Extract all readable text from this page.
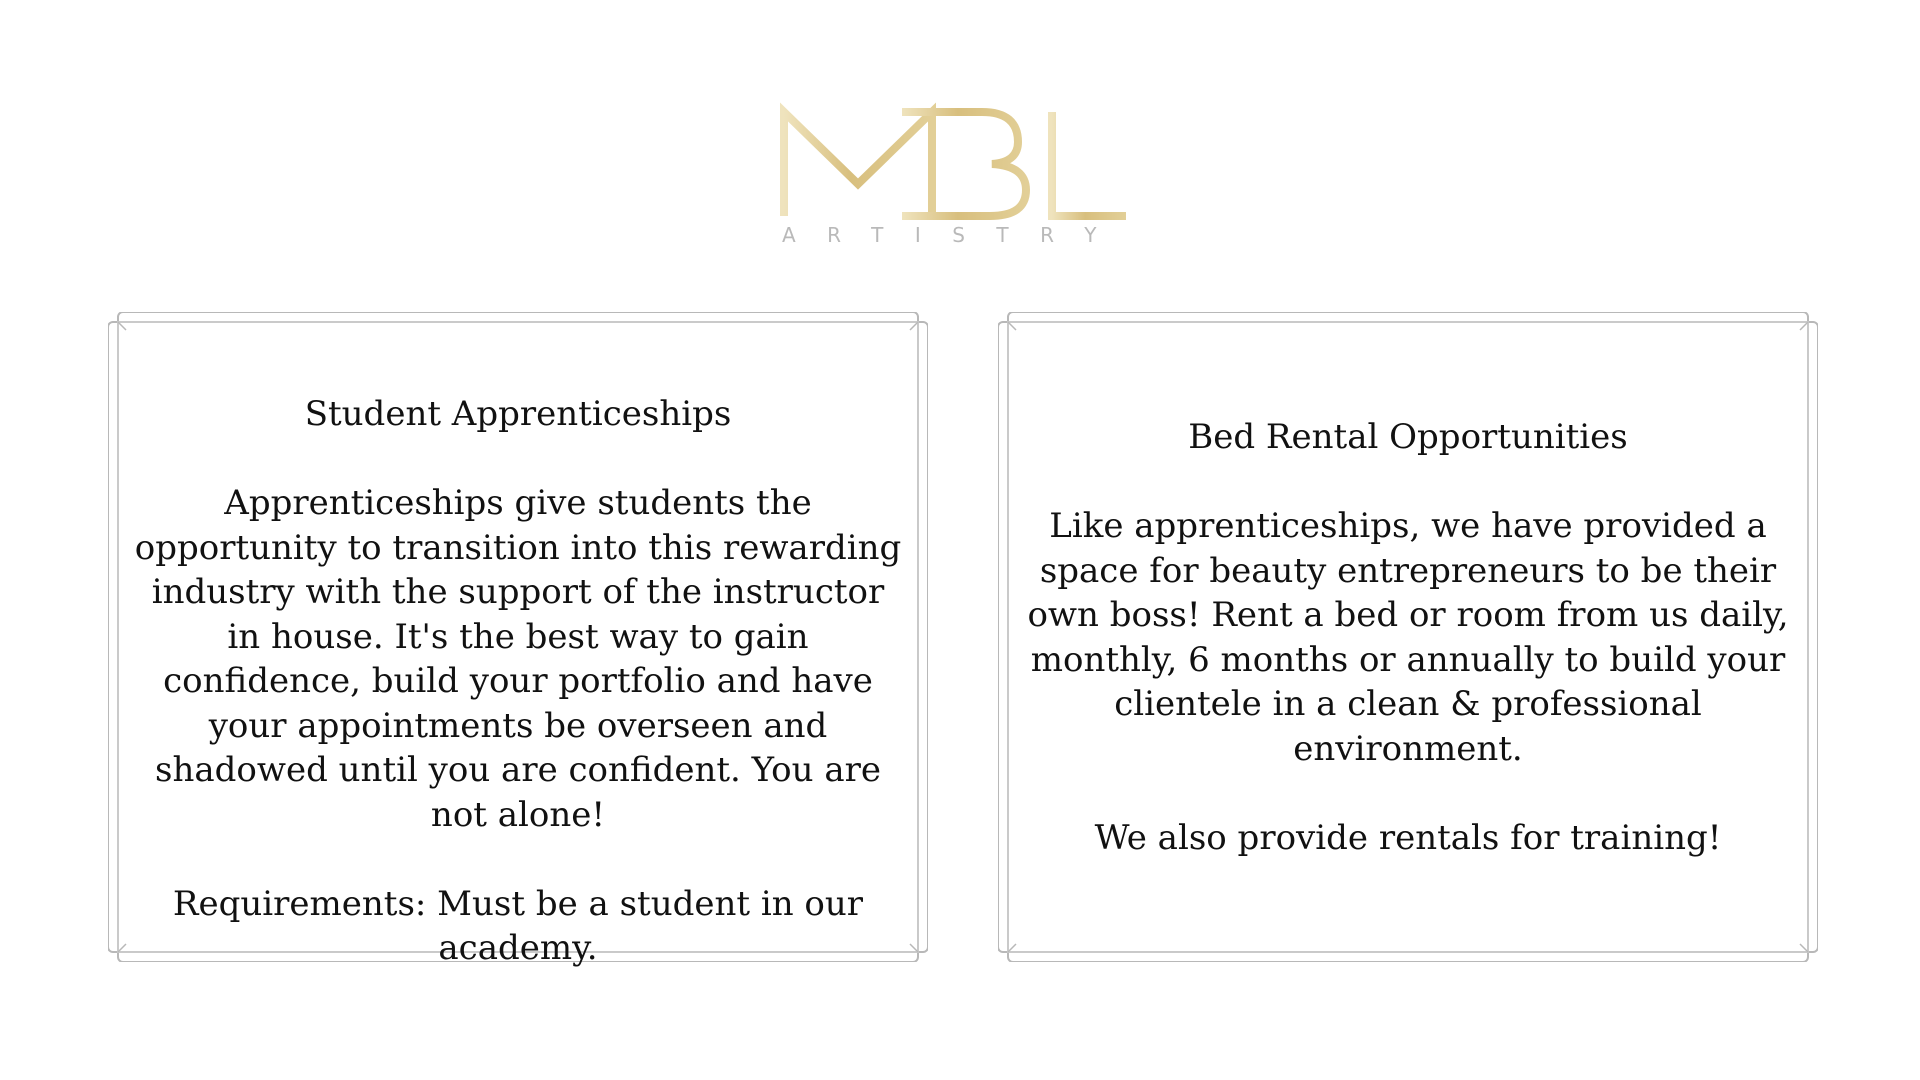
ARTISTRY

Student Apprenticeships

Apprenticeships give students the opportunity to transition into this rewarding industry with the support of the instructor in house. It's the best way to gain confidence, build your portfolio and have your appointments be overseen and shadowed until you are confident. You are not alone!

Requirements: Must be a student in our academy.

Bed Rental Opportunities

Like apprenticeships, we have provided a space for beauty entrepreneurs to be their own boss! Rent a bed or room from us daily, monthly, 6 months or annually to build your clientele in a clean & professional environment.

We also provide rentals for training!
